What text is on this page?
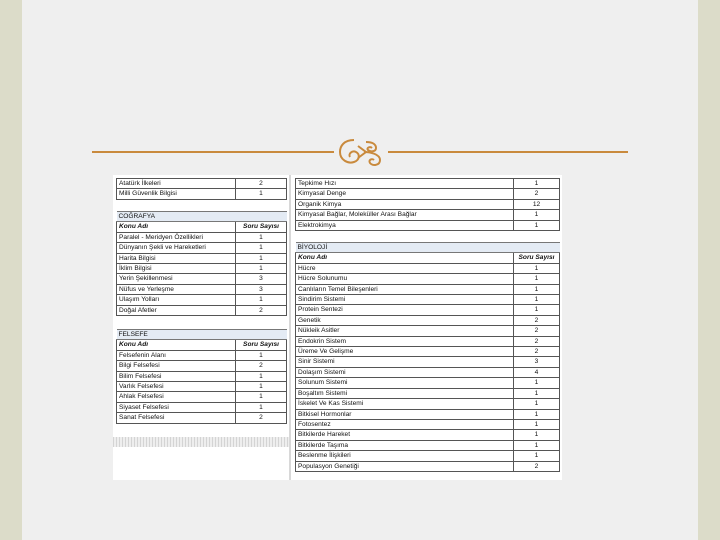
Atatürk İlkeleri	2
Milli Güvenlik Bilgisi	1
COĞRAFYA	
Konu Adı	Soru Sayısı
Paralel - Meridyen Özellikleri	1
Dünyanın Şekli ve Hareketleri	1
Harita Bilgisi	1
İklim Bilgisi	1
Yerin Şekillenmesi	3
Nüfus ve Yerleşme	3
Ulaşım Yolları	1
Doğal Afetler	2
FELSEFE	
Konu Adı	Soru Sayısı
Felsefenin Alanı	1
Bilgi Felsefesi	2
Bilim Felsefesi	1
Varlık Felsefesi	1
Ahlak Felsefesi	1
Siyaset Felsefesi	1
Sanat Felsefesi	2
Tepkime Hızı	1
Kimyasal Denge	2
Organik Kimya	12
Kimyasal Bağlar, Moleküller Arası Bağlar	1
Elektrokimya	1
BİYOLOJİ	
Konu Adı	Soru Sayısı
Hücre	1
Hücre Solunumu	1
Canlıların Temel Bileşenleri	1
Sindirim Sistemi	1
Protein Sentezi	1
Genetik	2
Nükleik Asitler	2
Endokrin Sistem	2
Üreme Ve Gelişme	2
Sinir Sistemi	3
Dolaşım Sistemi	4
Solunum Sistemi	1
Boşaltım Sistemi	1
İskelet Ve Kas Sistemi	1
Bitkisel Hormonlar	1
Fotosentez	1
Bitkilerde Hareket	1
Bitkilerde Taşıma	1
Beslenme İlişkileri	1
Populasyon Genetiği	2
